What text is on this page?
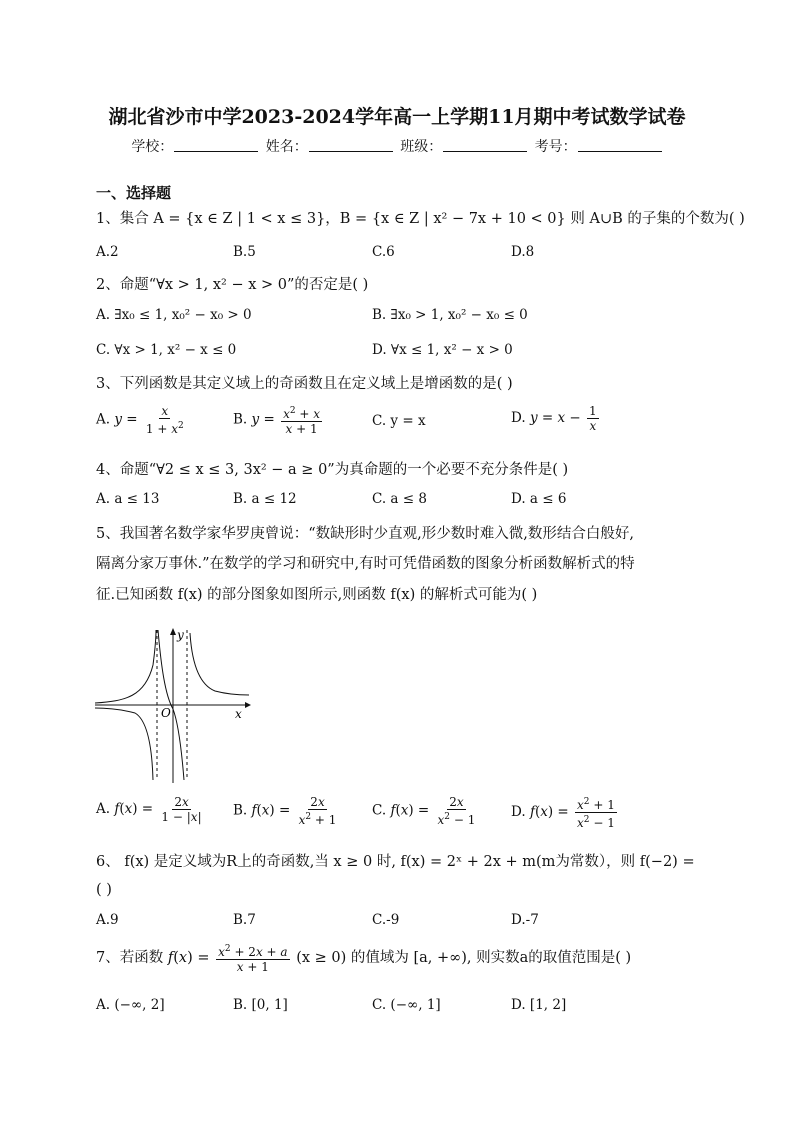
湖北省沙市中学2023-2024学年高一上学期11月期中考试数学试卷
学校：	姓名：	班级：	考号：
一、选择题
1、集合 A = {x ∈ Z | 1 < x ≤ 3}，B = {x ∈ Z | x² − 7x + 10 < 0} 则 A∪B 的子集的个数为( )
A.2	B.5	C.6	D.8
2、命题“∀x > 1, x² − x > 0”的否定是( )
A. ∃x₀ ≤ 1, x₀² − x₀ > 0	B. ∃x₀ > 1, x₀² − x₀ ≤ 0
C. ∀x > 1, x² − x ≤ 0	D. ∀x ≤ 1, x² − x > 0
3、下列函数是其定义域上的奇函数且在定义域上是增函数的是( )
A. $y = \frac{x}{1 + x^2}$	B. $y = \frac{x^2 + x}{x + 1}$	C. y = x	D. $y = x - \frac{1}{x}$
4、命题“∀2 ≤ x ≤ 3, 3x² − a ≥ 0”为真命题的一个必要不充分条件是( )
A. a ≤ 13	B. a ≤ 12	C. a ≤ 8	D. a ≤ 6
5、我国著名数学家华罗庚曾说：“数缺形时少直观,形少数时难入微,数形结合白般好,
隔离分家万事休.”在数学的学习和研究中,有时可凭借函数的图象分析函数解析式的特
征.已知函数 f(x) 的部分图象如图所示,则函数 f(x) 的解析式可能为( )
y
x
O
A. $f(x) = \frac{2x}{1 - |x|} B$. $f(x) = \frac{2x}{x^2 + 1} C$. $f(x) = \frac{2x}{x^2 - 1} D$. $f(x) = \frac{x^2 + 1}{x^2 - 1}$
6、 f(x) 是定义域为R上的奇函数,当 x ≥ 0 时, f(x) = 2ˣ + 2x + m(m为常数），则 f(−2) =
( )
A.9	B.7	C.-9	D.-7
7、若函数 $f(x) = \frac{x^2 + 2x + a}{x + 1} (x \ge 0)$ 的值域为 [a, +∞), 则实数a的取值范围是( )
A. (−∞, 2]	B. [0, 1]	C. (−∞, 1]	D. [1, 2]
